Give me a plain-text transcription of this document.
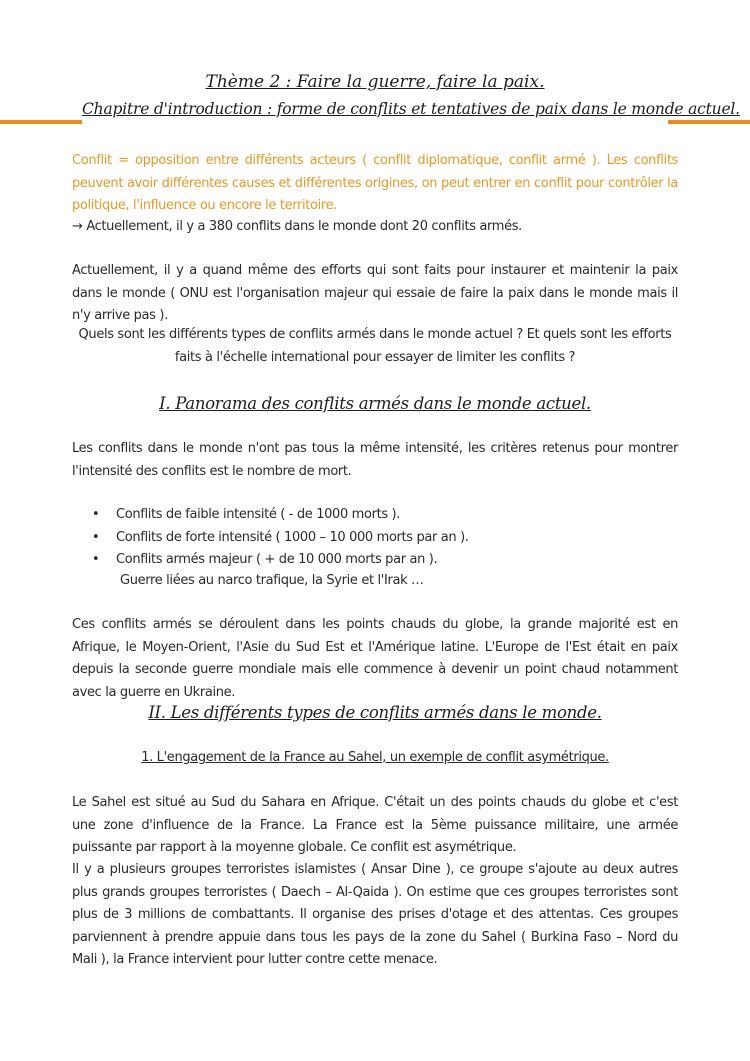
Thème 2 : Faire la guerre, faire la paix.
Chapitre d'introduction : forme de conflits et tentatives de paix dans le monde actuel.
Conflit = opposition entre différents acteurs ( conflit diplomatique, conflit armé ). Les conflits peuvent avoir différentes causes et différentes origines, on peut entrer en conflit pour contrôler la politique, l'influence ou encore le territoire.
→ Actuellement, il y a 380 conflits dans le monde dont 20 conflits armés.
Actuellement, il y a quand même des efforts qui sont faits pour instaurer et maintenir la paix dans le monde ( ONU est l'organisation majeur qui essaie de faire la paix dans le monde mais il n'y arrive pas ).
Quels sont les différents types de conflits armés dans le monde actuel ? Et quels sont les efforts
faits à l'échelle international pour essayer de limiter les conflits ?
I. Panorama des conflits armés dans le monde actuel.
Les conflits dans le monde n'ont pas tous la même intensité, les critères retenus pour montrer l'intensité des conflits est le nombre de mort.
• Conflits de faible intensité ( - de 1000 morts ).
• Conflits de forte intensité ( 1000 – 10 000 morts par an ).
• Conflits armés majeur ( + de 10 000 morts par an ).
Guerre liées au narco trafique, la Syrie et l'Irak …
Ces conflits armés se déroulent dans les points chauds du globe, la grande majorité est en Afrique, le Moyen-Orient, l'Asie du Sud Est et l'Amérique latine. L'Europe de l'Est était en paix depuis la seconde guerre mondiale mais elle commence à devenir un point chaud notamment avec la guerre en Ukraine.
II. Les différents types de conflits armés dans le monde.
1. L'engagement de la France au Sahel, un exemple de conflit asymétrique.
Le Sahel est situé au Sud du Sahara en Afrique. C'était un des points chauds du globe et c'est une zone d'influence de la France. La France est la 5ème puissance militaire, une armée puissante par rapport à la moyenne globale. Ce conflit est asymétrique.
Il y a plusieurs groupes terroristes islamistes ( Ansar Dine ), ce groupe s'ajoute au deux autres plus grands groupes terroristes ( Daech – Al-Qaida ). On estime que ces groupes terroristes sont plus de 3 millions de combattants. Il organise des prises d'otage et des attentas. Ces groupes parviennent à prendre appuie dans tous les pays de la zone du Sahel ( Burkina Faso – Nord du Mali ), la France intervient pour lutter contre cette menace.
